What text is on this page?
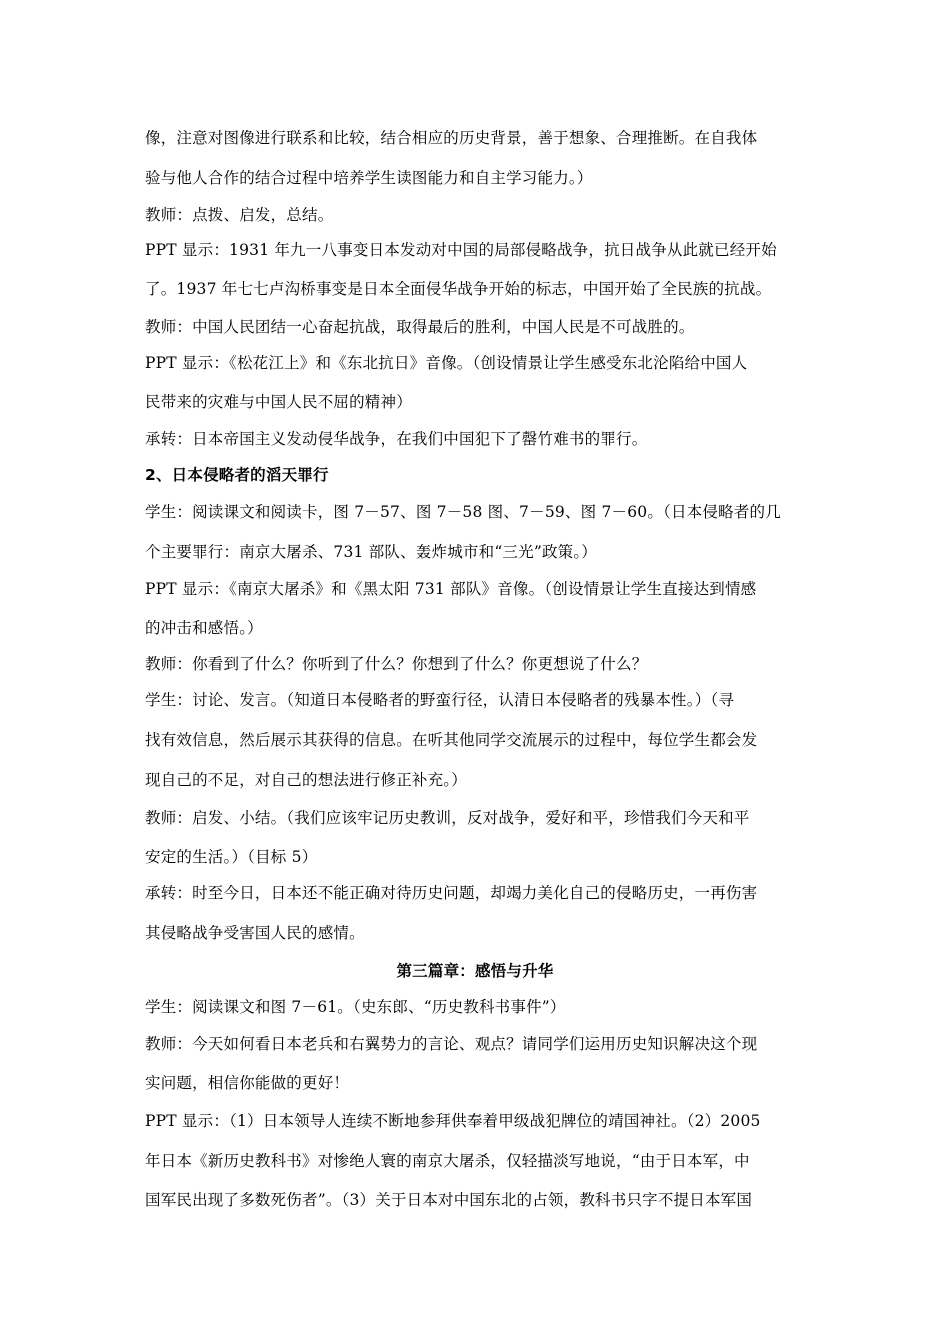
像，注意对图像进行联系和比较，结合相应的历史背景，善于想象、合理推断。在自我体
验与他人合作的结合过程中培养学生读图能力和自主学习能力。）
教师：点拨、启发，总结。
PPT 显示：1931 年九一八事变日本发动对中国的局部侵略战争，抗日战争从此就已经开始
了。1937 年七七卢沟桥事变是日本全面侵华战争开始的标志，中国开始了全民族的抗战。
教师：中国人民团结一心奋起抗战，取得最后的胜利，中国人民是不可战胜的。
PPT 显示：《松花江上》和《东北抗日》音像。（创设情景让学生感受东北沦陷给中国人
民带来的灾难与中国人民不屈的精神）
承转：日本帝国主义发动侵华战争，在我们中国犯下了罄竹难书的罪行。
2、日本侵略者的滔天罪行
学生：阅读课文和阅读卡，图 7－57、图 7－58 图、7－59、图 7－60。（日本侵略者的几
个主要罪行：南京大屠杀、731 部队、轰炸城市和“三光”政策。）
PPT 显示：《南京大屠杀》和《黑太阳 731 部队》音像。（创设情景让学生直接达到情感
的冲击和感悟。）
教师：你看到了什么？你听到了什么？你想到了什么？你更想说了什么？
学生：讨论、发言。（知道日本侵略者的野蛮行径，认清日本侵略者的残暴本性。）（寻
找有效信息，然后展示其获得的信息。在听其他同学交流展示的过程中，每位学生都会发
现自己的不足，对自己的想法进行修正补充。）
教师：启发、小结。（我们应该牢记历史教训，反对战争，爱好和平，珍惜我们今天和平
安定的生活。）（目标 5）
承转：时至今日，日本还不能正确对待历史问题，却竭力美化自己的侵略历史，一再伤害
其侵略战争受害国人民的感情。
第三篇章：感悟与升华
学生：阅读课文和图 7－61。（史东郎、“历史教科书事件”）
教师：今天如何看日本老兵和右翼势力的言论、观点？请同学们运用历史知识解决这个现
实问题，相信你能做的更好！
PPT 显示：（1）日本领导人连续不断地参拜供奉着甲级战犯牌位的靖国神社。（2）2005
年日本《新历史教科书》对惨绝人寰的南京大屠杀，仅轻描淡写地说，“由于日本军，中
国军民出现了多数死伤者”。（3）关于日本对中国东北的占领，教科书只字不提日本军国
